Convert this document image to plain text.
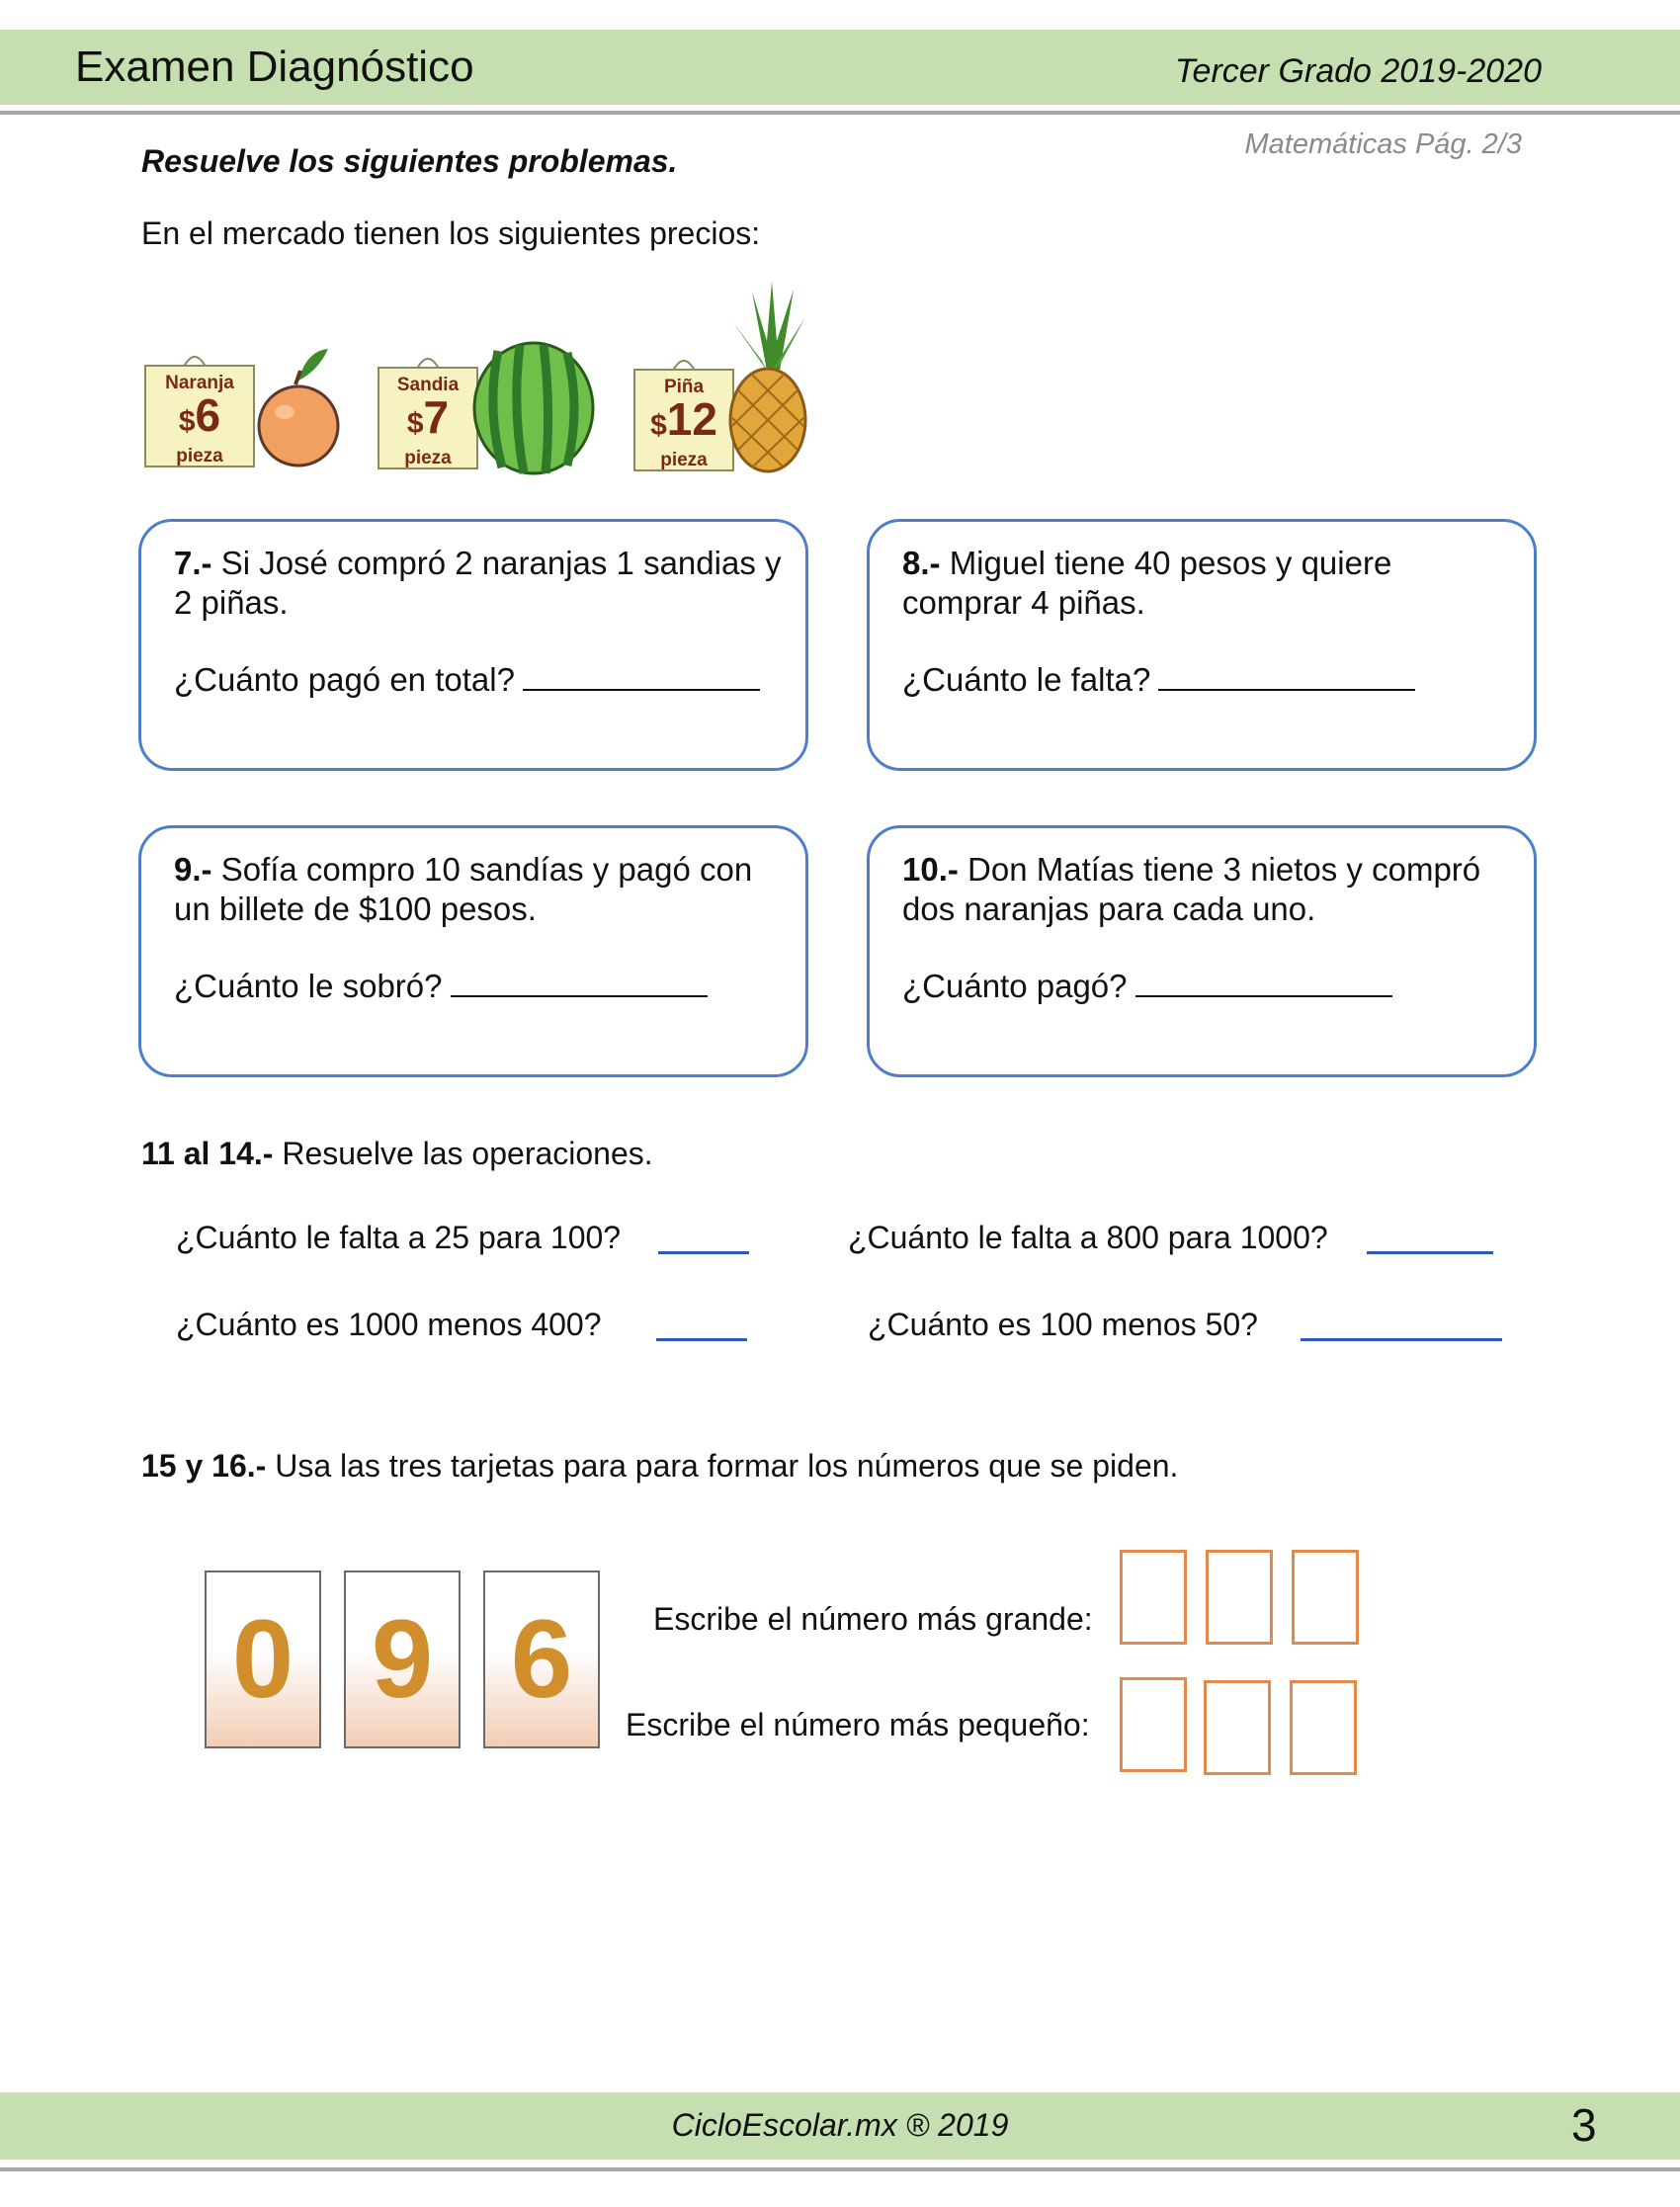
Examen Diagnóstico	Tercer Grado 2019-2020
Matemáticas Pág. 2/3
Resuelve los siguientes problemas.
En el mercado tienen los siguientes precios:
Naranja
$6
pieza
Sandia
$7
pieza
Piña
$12
pieza
7.- Si José compró 2 naranjas 1 sandias y 2 piñas.
¿Cuánto pagó en total?
8.- Miguel tiene 40 pesos y quiere comprar 4 piñas.
¿Cuánto le falta?
9.- Sofía compro 10 sandías y pagó con un billete de $100 pesos.
¿Cuánto le sobró?
10.- Don Matías tiene 3 nietos y compró dos naranjas para cada uno.
¿Cuánto pagó?
11 al 14.- Resuelve las operaciones.
¿Cuánto le falta a 25 para 100?	¿Cuánto le falta a 800 para 1000?
¿Cuánto es 1000 menos 400?	¿Cuánto es 100 menos 50?
15 y 16.- Usa las tres tarjetas para para formar los números que se piden.
0 9 6	Escribe el número más grande:
Escribe el número más pequeño:
CicloEscolar.mx ® 2019	3
